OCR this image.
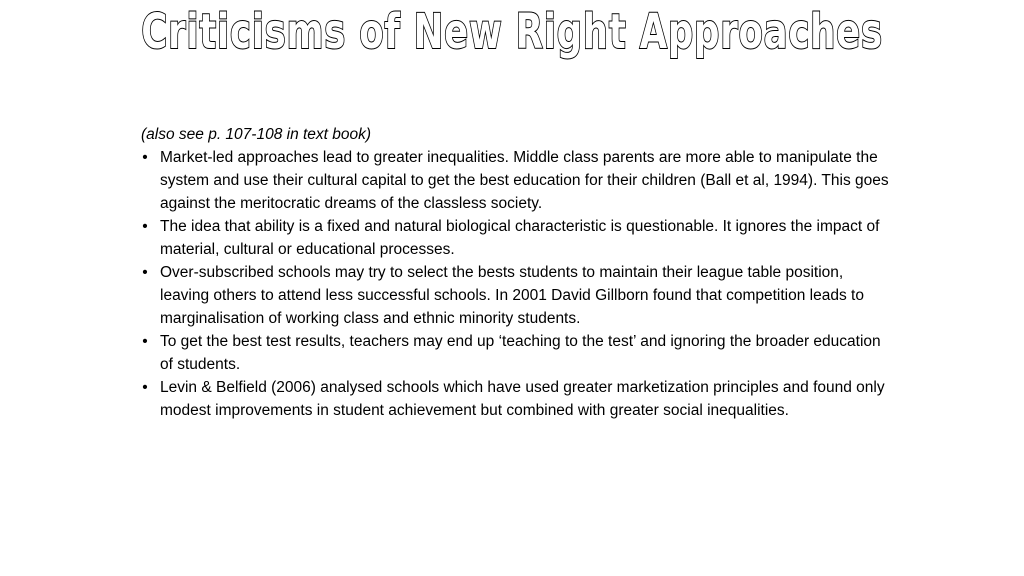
Criticisms of New Right Approaches

(also see p. 107-108 in text book)

• Market-led approaches lead to greater inequalities. Middle class parents are more able to manipulate the system and use their cultural capital to get the best education for their children (Ball et al, 1994). This goes against the meritocratic dreams of the classless society.
• The idea that ability is a fixed and natural biological characteristic is questionable. It ignores the impact of material, cultural or educational processes.
• Over-subscribed schools may try to select the bests students to maintain their league table position, leaving others to attend less successful schools. In 2001 David Gillborn found that competition leads to marginalisation of working class and ethnic minority students.
• To get the best test results, teachers may end up ‘teaching to the test’ and ignoring the broader education of students.
• Levin & Belfield (2006) analysed schools which have used greater marketization principles and found only modest improvements in student achievement but combined with greater social inequalities.
